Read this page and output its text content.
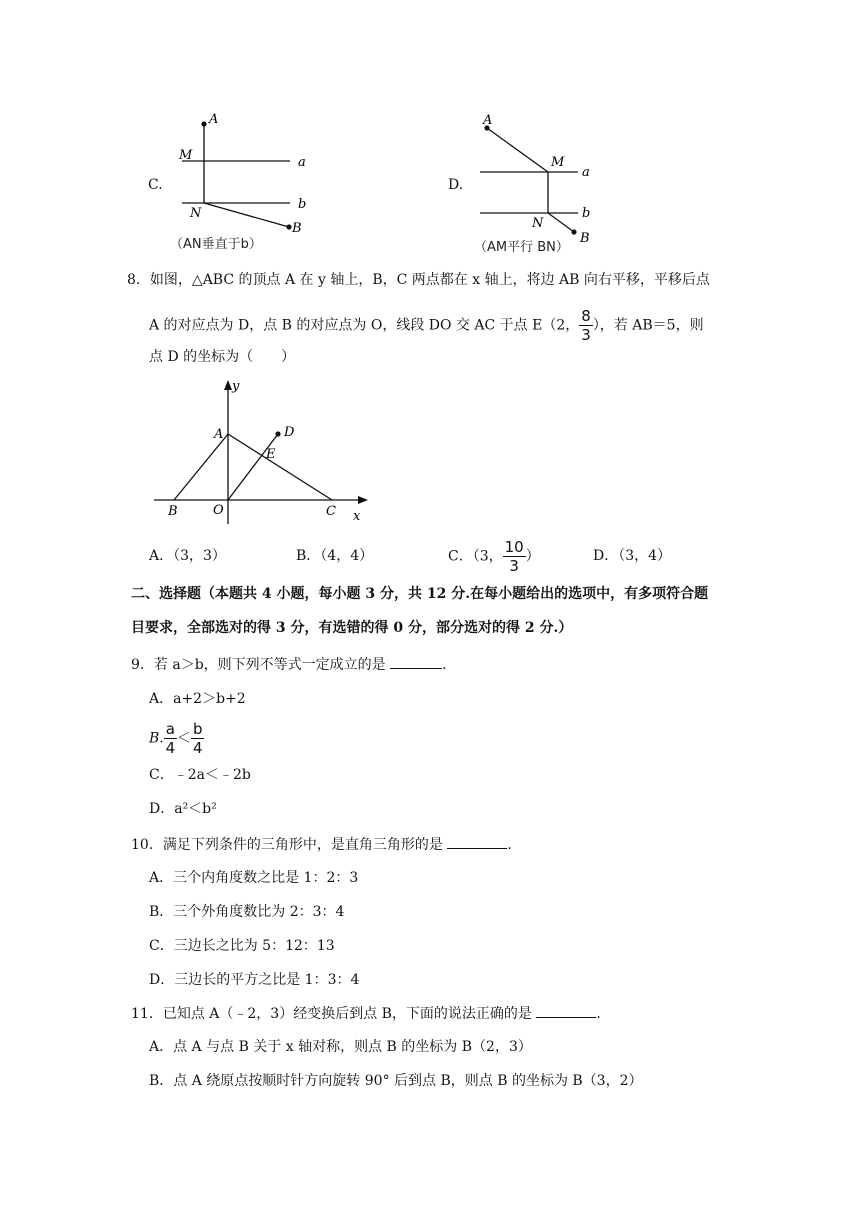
C.
A
M	a
b
N
B
（AN垂直于b）
D.
A
M
a
b
N
B
（AM平行 BN）
8．如图，△ABC 的顶点 A 在 y 轴上，B，C 两点都在 x 轴上，将边 AB 向右平移，平移后点
A 的对应点为 D，点 B 的对应点为 O，线段 DO 交 AC 于点 E（2， $\frac{8}{3}$ ），若 AB＝5，则
点 D 的坐标为（　　）
y
x
A
B	C
D
E
O
A．（3，3）	B．（4，4）	C．（3， $\frac{10}{3}$ ）	D．（3，4）
二、选择题（本题共 4 小题，每小题 3 分，共 12 分.在每小题给出的选项中，有多项符合题
目要求，全部选对的得 3 分，有选错的得 0 分，部分选对的得 2 分.）
9．若 a＞b，则下列不等式一定成立的是	.
A．a+2＞b+2
B. $\frac{a}{4} < \frac{b}{4}$
C．﹣2a＜﹣2b
D．a²＜b²
10．满足下列条件的三角形中，是直角三角形的是	.
A．三个内角度数之比是 1：2：3
B．三个外角度数比为 2：3：4
C．三边长之比为 5：12：13
D．三边长的平方之比是 1：3：4
11．已知点 A（﹣2，3）经变换后到点 B，下面的说法正确的是	.
A．点 A 与点 B 关于 x 轴对称，则点 B 的坐标为 B（2，3）
B．点 A 绕原点按顺时针方向旋转 90° 后到点 B，则点 B 的坐标为 B（3，2）
